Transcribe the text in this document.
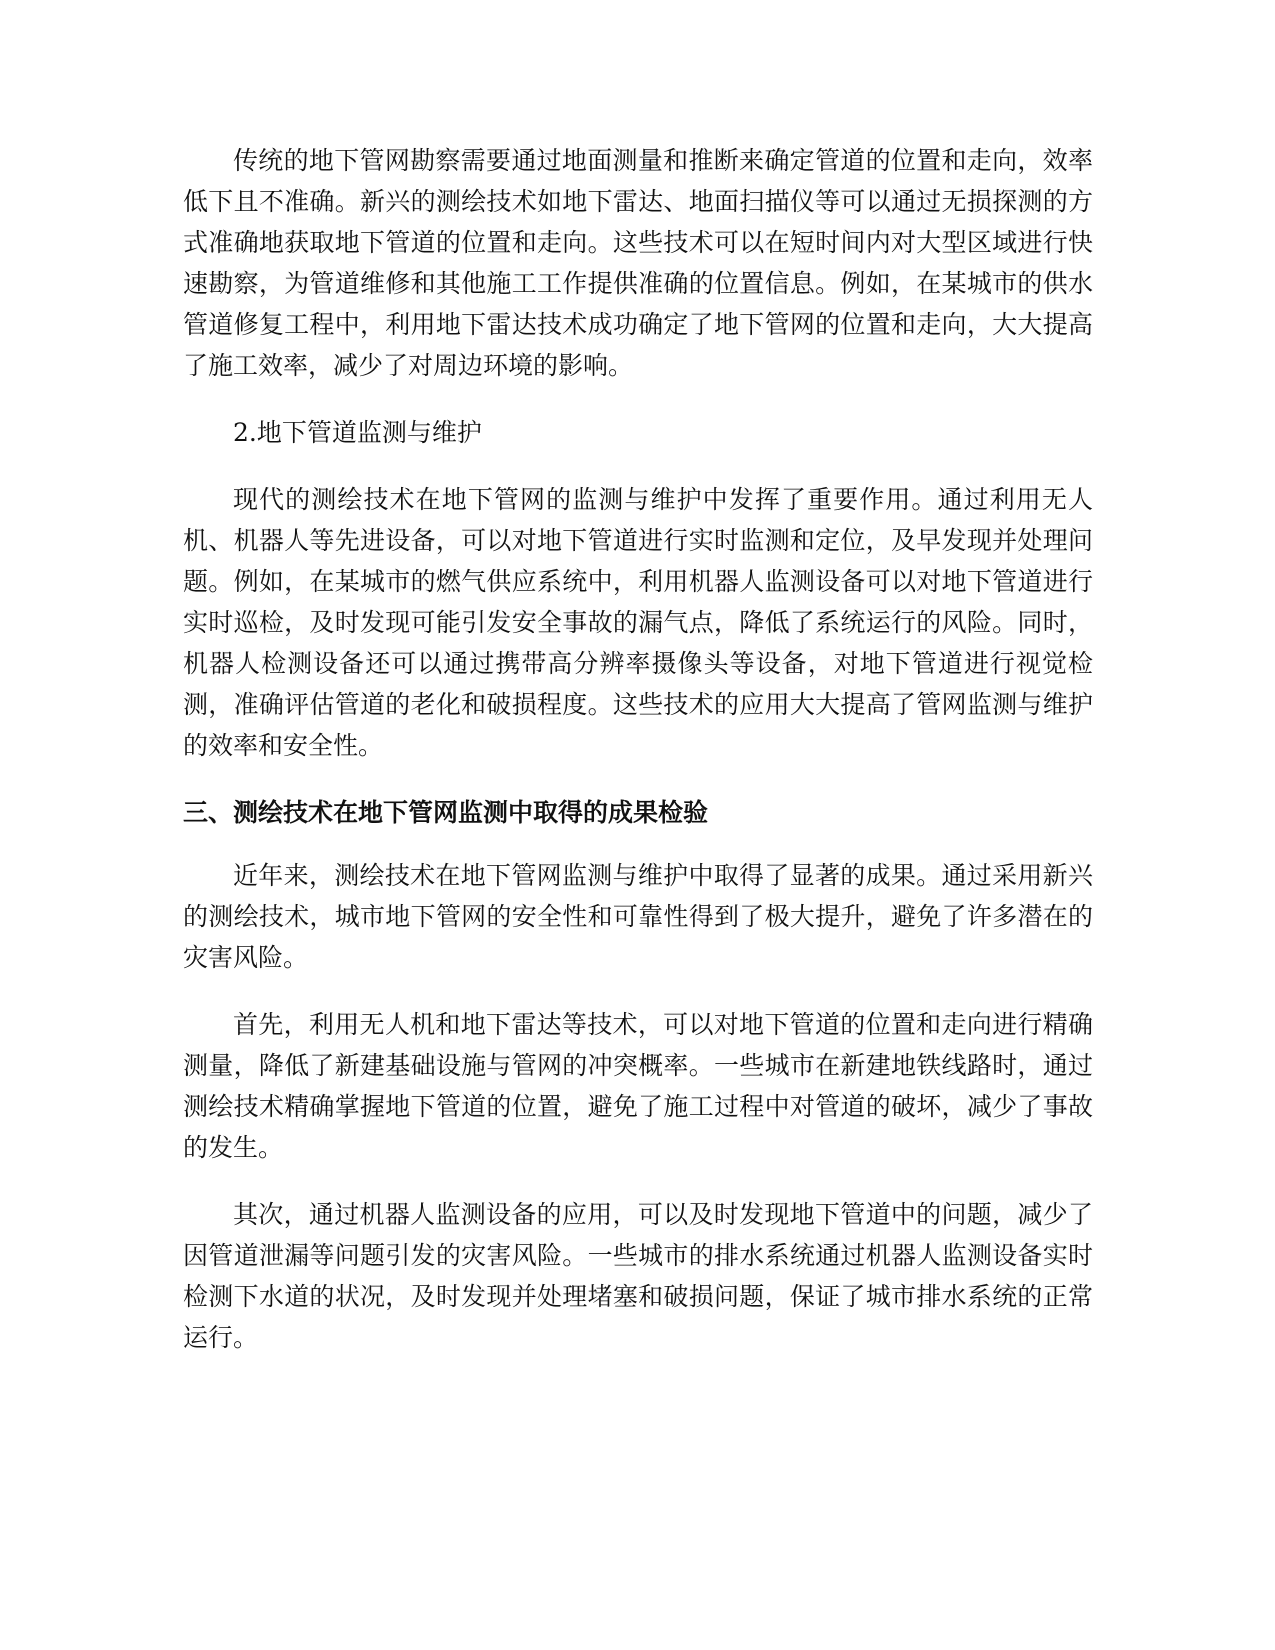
传统的地下管网勘察需要通过地面测量和推断来确定管道的位置和走向，效率低下且不准确。新兴的测绘技术如地下雷达、地面扫描仪等可以通过无损探测的方式准确地获取地下管道的位置和走向。这些技术可以在短时间内对大型区域进行快速勘察，为管道维修和其他施工工作提供准确的位置信息。例如，在某城市的供水管道修复工程中，利用地下雷达技术成功确定了地下管网的位置和走向，大大提高了施工效率，减少了对周边环境的影响。

2.地下管道监测与维护

现代的测绘技术在地下管网的监测与维护中发挥了重要作用。通过利用无人机、机器人等先进设备，可以对地下管道进行实时监测和定位，及早发现并处理问题。例如，在某城市的燃气供应系统中，利用机器人监测设备可以对地下管道进行实时巡检，及时发现可能引发安全事故的漏气点，降低了系统运行的风险。同时，机器人检测设备还可以通过携带高分辨率摄像头等设备，对地下管道进行视觉检测，准确评估管道的老化和破损程度。这些技术的应用大大提高了管网监测与维护的效率和安全性。

三、测绘技术在地下管网监测中取得的成果检验

近年来，测绘技术在地下管网监测与维护中取得了显著的成果。通过采用新兴的测绘技术，城市地下管网的安全性和可靠性得到了极大提升，避免了许多潜在的灾害风险。

首先，利用无人机和地下雷达等技术，可以对地下管道的位置和走向进行精确测量，降低了新建基础设施与管网的冲突概率。一些城市在新建地铁线路时，通过测绘技术精确掌握地下管道的位置，避免了施工过程中对管道的破坏，减少了事故的发生。

其次，通过机器人监测设备的应用，可以及时发现地下管道中的问题，减少了因管道泄漏等问题引发的灾害风险。一些城市的排水系统通过机器人监测设备实时检测下水道的状况，及时发现并处理堵塞和破损问题，保证了城市排水系统的正常运行。
